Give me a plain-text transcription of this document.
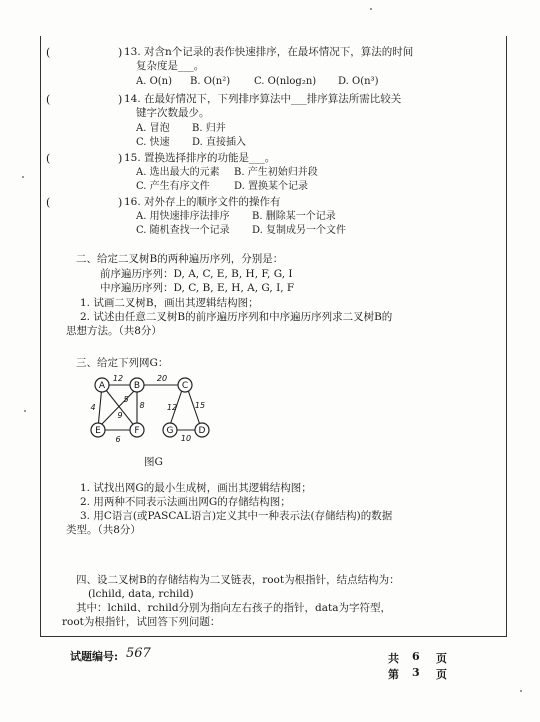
(	) 13. 对含n个记录的表作快速排序，在最坏情况下，算法的时间
复杂度是___。
A. O(n) B. O(n²) C. O(nlog₂n) D. O(n³)
(	) 14. 在最好情况下，下列排序算法中___排序算法所需比较关
键字次数最少。
A. 冒泡 B. 归并
C. 快速 D. 直接插入
(	) 15. 置换选择排序的功能是___。
A. 选出最大的元素 B. 产生初始归并段
C. 产生有序文件 D. 置换某个记录
(	) 16. 对外存上的顺序文件的操作有
A. 用快速排序法排序 B. 删除某一个记录
C. 随机查找一个记录 D. 复制成另一个文件
二、给定二叉树B的两种遍历序列，分别是：
前序遍历序列：D, A, C, E, B, H, F, G, I
中序遍历序列：D, C, B, E, H, A, G, I, F
1. 试画二叉树B，画出其逻辑结构图；
2. 试述由任意二叉树B的前序遍历序列和中序遍历序列求二叉树B的
思想方法。（共8分）
三、给定下列网G：
A	B	C
E	F	G	D
12
5
20
9
4	8
6
12 15
10
图G
1. 试找出网G的最小生成树，画出其逻辑结构图；
2. 用两种不同表示法画出网G的存储结构图；
3. 用C语言(或PASCAL语言)定义其中一种表示法(存储结构)的数据
类型。（共8分）
四、设二叉树B的存储结构为二叉链表，root为根指针，结点结构为：
(lchild, data, rchild)
其中：lchild、rchild分别为指向左右孩子的指针，data为字符型，
root为根指针，试回答下列问题：
试题编号: 567	共 6 页
第 3 页
